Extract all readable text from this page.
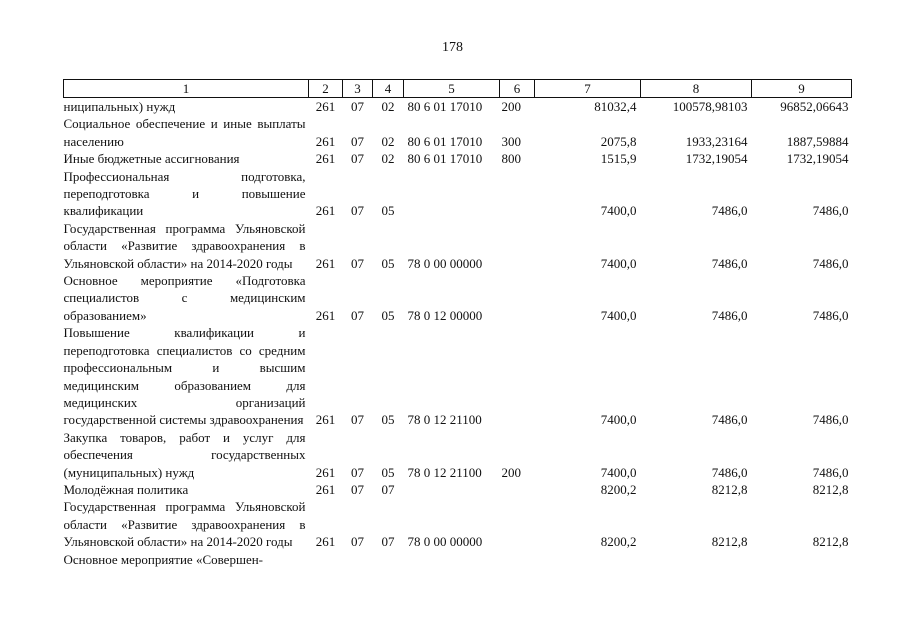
178
1	2	3	4	5	6	7	8	9
ниципальных) нужд	261	07	02	80 6 01 17010	200	81032,4	100578,98103	96852,06643
Социальное обеспечение и иные выплаты населению	261	07	02	80 6 01 17010	300	2075,8	1933,23164	1887,59884
Иные бюджетные ассигнования	261	07	02	80 6 01 17010	800	1515,9	1732,19054	1732,19054
Профессиональная подготовка, переподготовка и повышение квалификации	261	07	05			7400,0	7486,0	7486,0
Государственная программа Ульяновской области «Развитие здравоохранения в Ульяновской области» на 2014-2020 годы	261	07	05	78 0 00 00000		7400,0	7486,0	7486,0
Основное мероприятие «Подготовка специалистов с медицинским образованием»	261	07	05	78 0 12 00000		7400,0	7486,0	7486,0
Повышение квалификации и переподготовка специалистов со средним профессиональным и высшим медицинским образованием для медицинских организаций государственной системы здравоохранения	261	07	05	78 0 12 21100		7400,0	7486,0	7486,0
Закупка товаров, работ и услуг для обеспечения государственных (муниципальных) нужд	261	07	05	78 0 12 21100	200	7400,0	7486,0	7486,0
Молодёжная политика	261	07	07			8200,2	8212,8	8212,8
Государственная программа Ульяновской области «Развитие здравоохранения в Ульяновской области» на 2014-2020 годы	261	07	07	78 0 00 00000		8200,2	8212,8	8212,8
Основное мероприятие «Совершен-								
